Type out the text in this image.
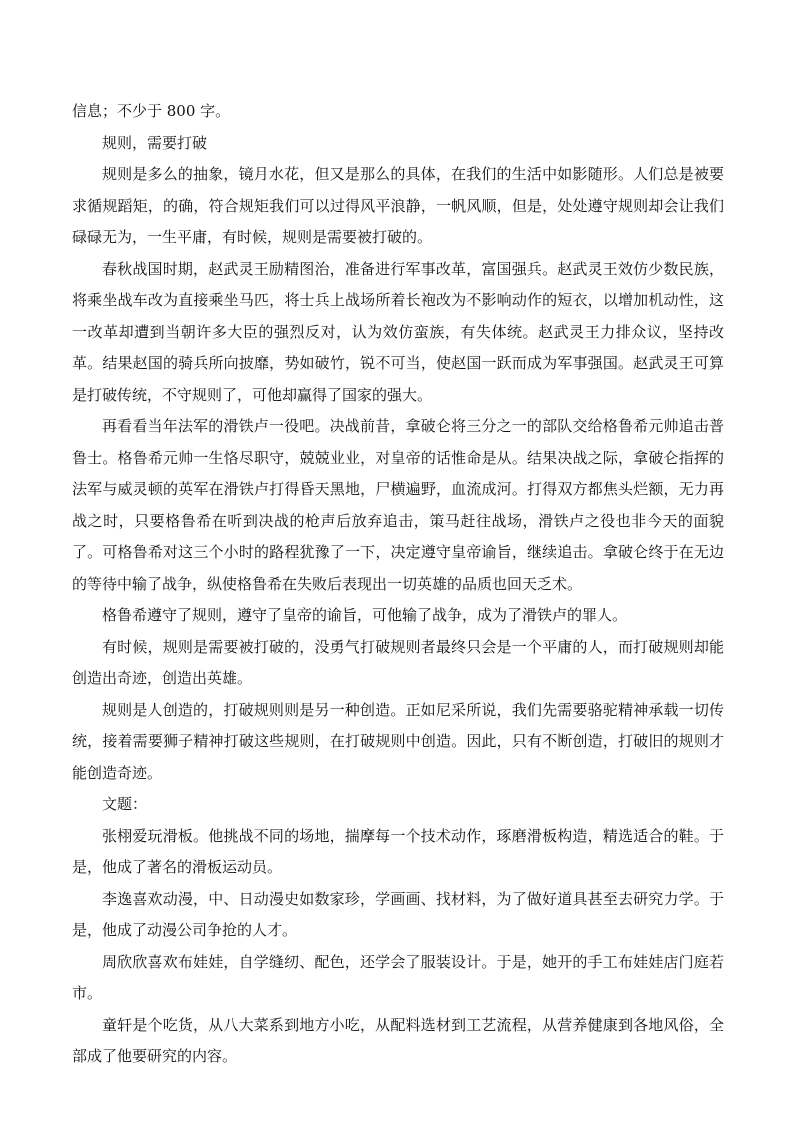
信息；不少于 800 字。

规则，需要打破

规则是多么的抽象，镜月水花，但又是那么的具体，在我们的生活中如影随形。人们总是被要求循规蹈矩，的确，符合规矩我们可以过得风平浪静，一帆风顺，但是，处处遵守规则却会让我们碌碌无为，一生平庸，有时候，规则是需要被打破的。

春秋战国时期，赵武灵王励精图治，准备进行军事改革，富国强兵。赵武灵王效仿少数民族，将乘坐战车改为直接乘坐马匹，将士兵上战场所着长袍改为不影响动作的短衣，以增加机动性，这一改革却遭到当朝许多大臣的强烈反对，认为效仿蛮族，有失体统。赵武灵王力排众议，坚持改革。结果赵国的骑兵所向披靡，势如破竹，锐不可当，使赵国一跃而成为军事强国。赵武灵王可算是打破传统，不守规则了，可他却赢得了国家的强大。

再看看当年法军的滑铁卢一役吧。决战前昔，拿破仑将三分之一的部队交给格鲁希元帅追击普鲁士。格鲁希元帅一生恪尽职守，兢兢业业，对皇帝的话惟命是从。结果决战之际，拿破仑指挥的法军与威灵顿的英军在滑铁卢打得昏天黑地，尸横遍野，血流成河。打得双方都焦头烂额，无力再战之时，只要格鲁希在听到决战的枪声后放弃追击，策马赶往战场，滑铁卢之役也非今天的面貌了。可格鲁希对这三个小时的路程犹豫了一下，决定遵守皇帝谕旨，继续追击。拿破仑终于在无边的等待中输了战争，纵使格鲁希在失败后表现出一切英雄的品质也回天乏术。

格鲁希遵守了规则，遵守了皇帝的谕旨，可他输了战争，成为了滑铁卢的罪人。

有时候，规则是需要被打破的，没勇气打破规则者最终只会是一个平庸的人，而打破规则却能创造出奇迹，创造出英雄。

规则是人创造的，打破规则则是另一种创造。正如尼采所说，我们先需要骆驼精神承载一切传统，接着需要狮子精神打破这些规则，在打破规则中创造。因此，只有不断创造，打破旧的规则才能创造奇迹。

文题：

张栩爱玩滑板。他挑战不同的场地，揣摩每一个技术动作，琢磨滑板构造，精选适合的鞋。于是，他成了著名的滑板运动员。

李逸喜欢动漫，中、日动漫史如数家珍，学画画、找材料，为了做好道具甚至去研究力学。于是，他成了动漫公司争抢的人才。

周欣欣喜欢布娃娃，自学缝纫、配色，还学会了服装设计。于是，她开的手工布娃娃店门庭若市。

童轩是个吃货，从八大菜系到地方小吃，从配料选材到工艺流程，从营养健康到各地风俗，全部成了他要研究的内容。
